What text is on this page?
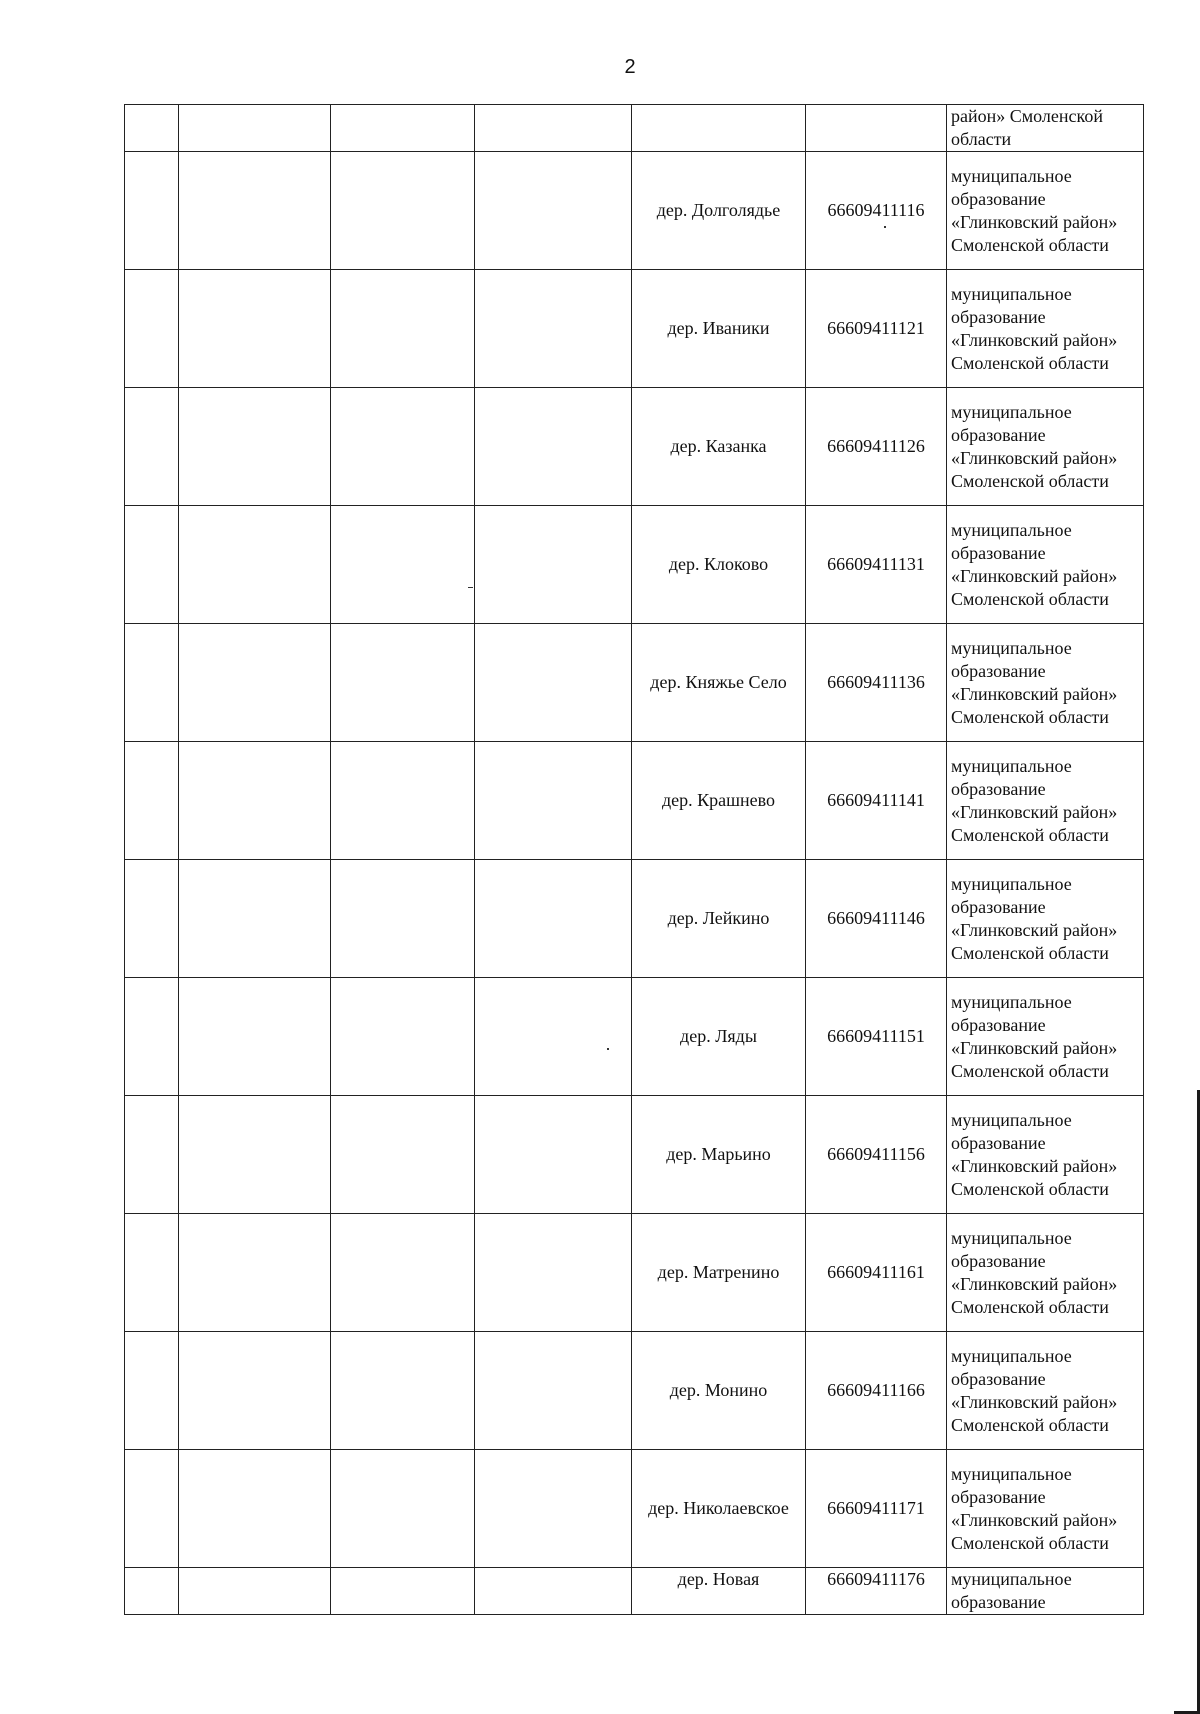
2
						район» Смоленской области
				дер. Долголядье	66609411116	муниципальное образование «Глинковский район» Смоленской области
				дер. Иваники	66609411121	муниципальное образование «Глинковский район» Смоленской области
				дер. Казанка	66609411126	муниципальное образование «Глинковский район» Смоленской области
				дер. Клоково	66609411131	муниципальное образование «Глинковский район» Смоленской области
				дер. Княжье Село	66609411136	муниципальное образование «Глинковский район» Смоленской области
				дер. Крашнево	66609411141	муниципальное образование «Глинковский район» Смоленской области
				дер. Лейкино	66609411146	муниципальное образование «Глинковский район» Смоленской области
				дер. Ляды	66609411151	муниципальное образование «Глинковский район» Смоленской области
				дер. Марьино	66609411156	муниципальное образование «Глинковский район» Смоленской области
				дер. Матренино	66609411161	муниципальное образование «Глинковский район» Смоленской области
				дер. Монино	66609411166	муниципальное образование «Глинковский район» Смоленской области
				дер. Николаевское	66609411171	муниципальное образование «Глинковский район» Смоленской области
				дер. Новая	66609411176	муниципальное образование
